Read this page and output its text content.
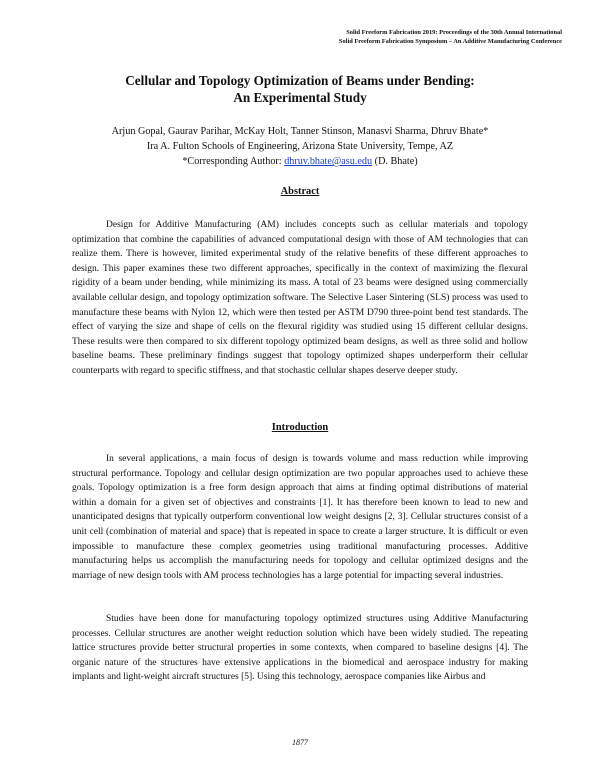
Solid Freeform Fabrication 2019: Proceedings of the 30th Annual International
Solid Freeform Fabrication Symposium – An Additive Manufacturing Conference
Cellular and Topology Optimization of Beams under Bending:
An Experimental Study
Arjun Gopal, Gaurav Parihar, McKay Holt, Tanner Stinson, Manasvi Sharma, Dhruv Bhate*
Ira A. Fulton Schools of Engineering, Arizona State University, Tempe, AZ
*Corresponding Author: dhruv.bhate@asu.edu (D. Bhate)
Abstract
Design for Additive Manufacturing (AM) includes concepts such as cellular materials and topology optimization that combine the capabilities of advanced computational design with those of AM technologies that can realize them. There is however, limited experimental study of the relative benefits of these different approaches to design. This paper examines these two different approaches, specifically in the context of maximizing the flexural rigidity of a beam under bending, while minimizing its mass. A total of 23 beams were designed using commercially available cellular design, and topology optimization software. The Selective Laser Sintering (SLS) process was used to manufacture these beams with Nylon 12, which were then tested per ASTM D790 three-point bend test standards. The effect of varying the size and shape of cells on the flexural rigidity was studied using 15 different cellular designs. These results were then compared to six different topology optimized beam designs, as well as three solid and hollow baseline beams. These preliminary findings suggest that topology optimized shapes underperform their cellular counterparts with regard to specific stiffness, and that stochastic cellular shapes deserve deeper study.
Introduction
In several applications, a main focus of design is towards volume and mass reduction while improving structural performance. Topology and cellular design optimization are two popular approaches used to achieve these goals. Topology optimization is a free form design approach that aims at finding optimal distributions of material within a domain for a given set of objectives and constraints [1]. It has therefore been known to lead to new and unanticipated designs that typically outperform conventional low weight designs [2, 3]. Cellular structures consist of a unit cell (combination of material and space) that is repeated in space to create a larger structure. It is difficult or even impossible to manufacture these complex geometries using traditional manufacturing processes. Additive manufacturing helps us accomplish the manufacturing needs for topology and cellular optimized designs and the marriage of new design tools with AM process technologies has a large potential for impacting several industries.
Studies have been done for manufacturing topology optimized structures using Additive Manufacturing processes. Cellular structures are another weight reduction solution which have been widely studied. The repeating lattice structures provide better structural properties in some contexts, when compared to baseline designs [4]. The organic nature of the structures have extensive applications in the biomedical and aerospace industry for making implants and light-weight aircraft structures [5]. Using this technology, aerospace companies like Airbus and
1877
